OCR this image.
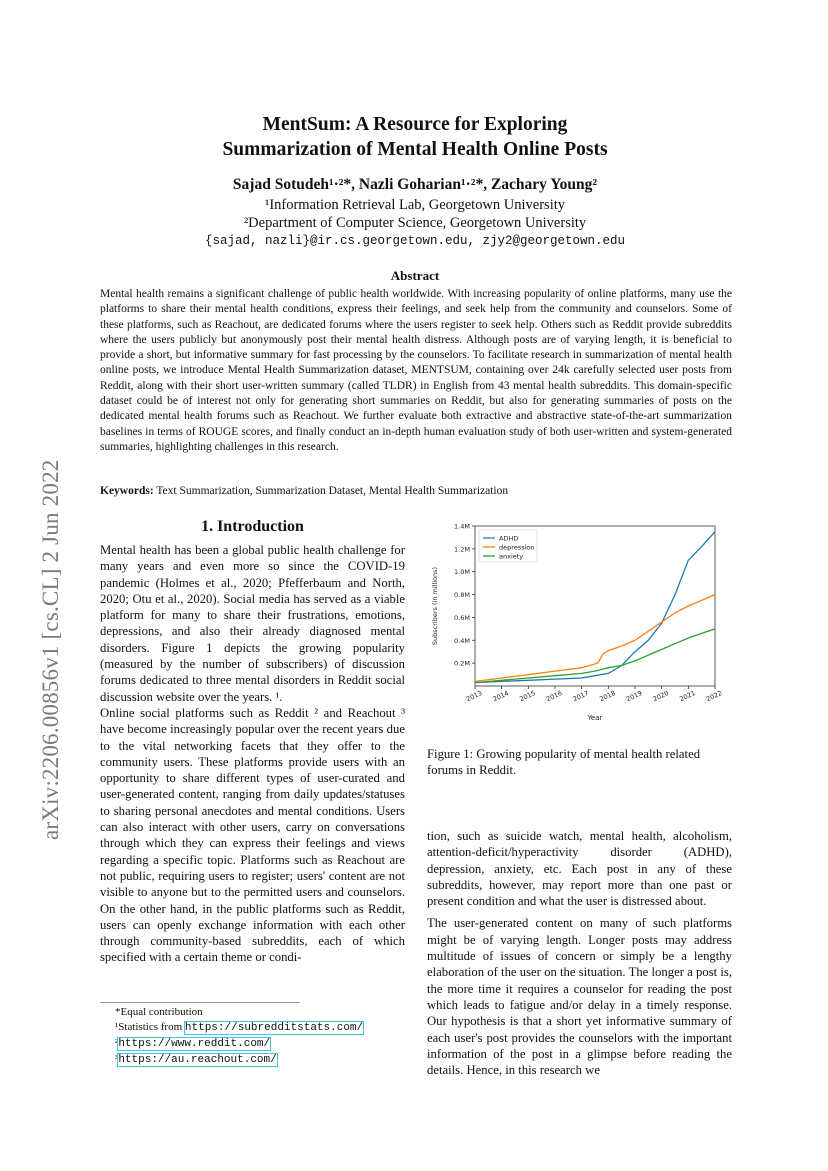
arXiv:2206.00856v1 [cs.CL] 2 Jun 2022
MentSum: A Resource for Exploring
Summarization of Mental Health Online Posts
Sajad Sotudeh¹·²*, Nazli Goharian¹·²*, Zachary Young²
¹Information Retrieval Lab, Georgetown University
²Department of Computer Science, Georgetown University
{sajad, nazli}@ir.cs.georgetown.edu, zjy2@georgetown.edu
Abstract
Mental health remains a significant challenge of public health worldwide. With increasing popularity of online platforms, many use the platforms to share their mental health conditions, express their feelings, and seek help from the community and counselors. Some of these platforms, such as Reachout, are dedicated forums where the users register to seek help. Others such as Reddit provide subreddits where the users publicly but anonymously post their mental health distress. Although posts are of varying length, it is beneficial to provide a short, but informative summary for fast processing by the counselors. To facilitate research in summarization of mental health online posts, we introduce Mental Health Summarization dataset, MENTSUM, containing over 24k carefully selected user posts from Reddit, along with their short user-written summary (called TLDR) in English from 43 mental health subreddits. This domain-specific dataset could be of interest not only for generating short summaries on Reddit, but also for generating summaries of posts on the dedicated mental health forums such as Reachout. We further evaluate both extractive and abstractive state-of-the-art summarization baselines in terms of ROUGE scores, and finally conduct an in-depth human evaluation study of both user-written and system-generated summaries, highlighting challenges in this research.
Keywords: Text Summarization, Summarization Dataset, Mental Health Summarization
1. Introduction

Mental health has been a global public health challenge for many years and even more so since the COVID-19 pandemic (Holmes et al., 2020; Pfefferbaum and North, 2020; Otu et al., 2020). Social media has served as a viable platform for many to share their frustrations, emotions, depressions, and also their already diagnosed mental disorders. Figure 1 depicts the growing popularity (measured by the number of subscribers) of discussion forums dedicated to three mental disorders in Reddit social discussion website over the years. ¹.

Online social platforms such as Reddit ² and Reachout ³ have become increasingly popular over the recent years due to the vital networking facets that they offer to the community users. These platforms provide users with an opportunity to share different types of user-curated and user-generated content, ranging from daily updates/statuses to sharing personal anecdotes and mental conditions. Users can also interact with other users, carry on conversations through which they can express their feelings and views regarding a specific topic. Platforms such as Reachout are not public, requiring users to register; users' content are not visible to anyone but to the permitted users and counselors. On the other hand, in the public platforms such as Reddit, users can openly exchange information with each other through community-based subreddits, each of which specified with a certain theme or condi-

*Equal contribution
¹Statistics from https://subredditstats.com/
²https://www.reddit.com/
³https://au.reachout.com/
0.2M
0.4M
0.6M
0.8M
1.0M
1.2M
1.4M
2013 2014 2015 2016 2017 2018 2019 2020 2021 2022
Year
Subscribers (in millions)
ADHD
depression
anxiety
Figure 1: Growing popularity of mental health related forums in Reddit.

tion, such as suicide watch, mental health, alcoholism, attention-deficit/hyperactivity disorder (ADHD), depression, anxiety, etc. Each post in any of these subreddits, however, may report more than one past or present condition and what the user is distressed about.

The user-generated content on many of such platforms might be of varying length. Longer posts may address multitude of issues of concern or simply be a lengthy elaboration of the user on the situation. The longer a post is, the more time it requires a counselor for reading the post which leads to fatigue and/or delay in a timely response. Our hypothesis is that a short yet informative summary of each user's post provides the counselors with the important information of the post in a glimpse before reading the details. Hence, in this research we
